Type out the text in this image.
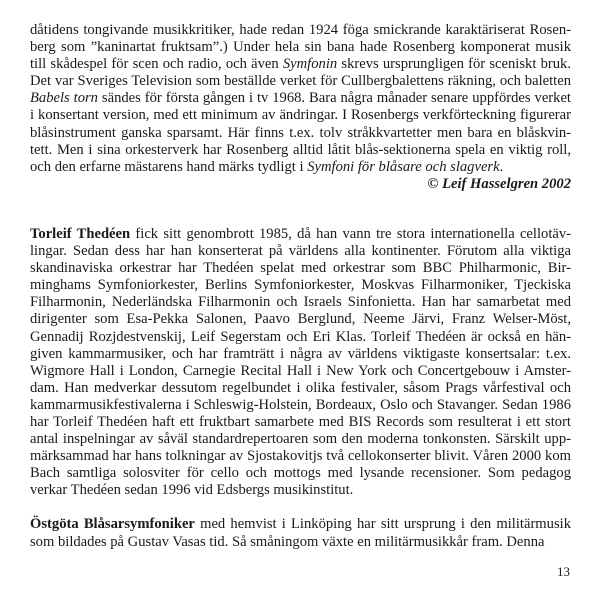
dåtidens tongivande musikkritiker, hade redan 1924 föga smickrande karaktäriserat Rosen-
berg som ”kaninartat fruktsam”.) Under hela sin bana hade Rosenberg komponerat musik
till skådespel för scen och radio, och även Symfonin skrevs ursprungligen för sceniskt bruk.
Det var Sveriges Television som beställde verket för Cullbergbalettens räkning, och baletten
Babels torn sändes för första gången i tv 1968. Bara några månader senare uppfördes verket
i konsertant version, med ett minimum av ändringar. I Rosenbergs verkförteckning figurerar
blåsinstrument ganska sparsamt. Här finns t.ex. tolv stråkkvartetter men bara en blåskvin-
tett. Men i sina orkesterverk har Rosenberg alltid låtit blås-sektionerna spela en viktig roll,
och den erfarne mästarens hand märks tydligt i Symfoni för blåsare och slagverk.

© Leif Hasselgren 2002

Torleif Thedéen fick sitt genombrott 1985, då han vann tre stora internationella cellotäv-
lingar. Sedan dess har han konserterat på världens alla kontinenter. Förutom alla viktiga
skandinaviska orkestrar har Thedéen spelat med orkestrar som BBC Philharmonic, Bir-
minghams Symfoniorkester, Berlins Symfoniorkester, Moskvas Filharmoniker, Tjeckiska
Filharmonin, Nederländska Filharmonin och Israels Sinfonietta. Han har samarbetat med
dirigenter som Esa-Pekka Salonen, Paavo Berglund, Neeme Järvi, Franz Welser-Möst,
Gennadij Rozjdestvenskij, Leif Segerstam och Eri Klas. Torleif Thedéen är också en hän-
given kammarmusiker, och har framträtt i några av världens viktigaste konsertsalar: t.ex.
Wigmore Hall i London, Carnegie Recital Hall i New York och Concertgebouw i Amster-
dam. Han medverkar dessutom regelbundet i olika festivaler, såsom Prags vårfestival och
kammarmusikfestivalerna i Schleswig-Holstein, Bordeaux, Oslo och Stavanger. Sedan 1986
har Torleif Thedéen haft ett fruktbart samarbete med BIS Records som resulterat i ett stort
antal inspelningar av såväl standardrepertoaren som den moderna tonkonsten. Särskilt upp-
märksammad har hans tolkningar av Sjostakovitjs två cellokonserter blivit. Våren 2000 kom
Bach samtliga solosviter för cello och mottogs med lysande recensioner. Som pedagog
verkar Thedéen sedan 1996 vid Edsbergs musikinstitut.

Östgöta Blåsarsymfoniker med hemvist i Linköping har sitt ursprung i den militärmusik
som bildades på Gustav Vasas tid. Så småningom växte en militärmusikkår fram. Denna

13
